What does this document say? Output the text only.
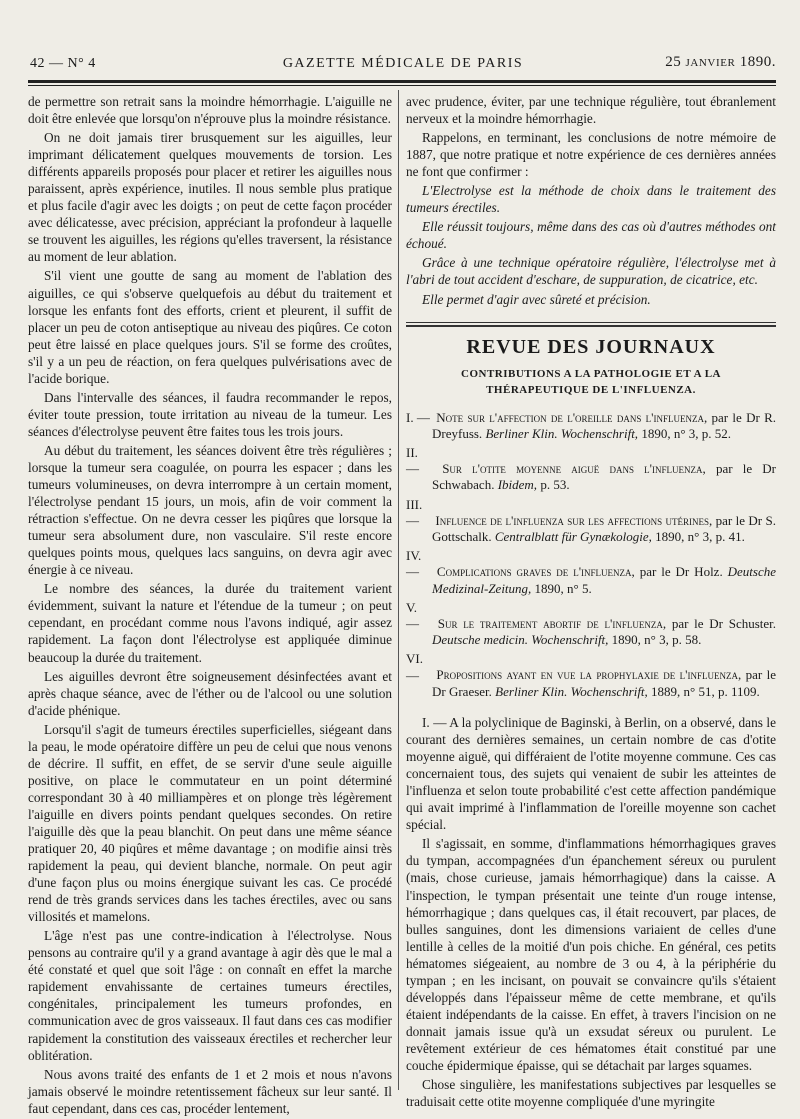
42 — N° 4	GAZETTE MÉDICALE DE PARIS	25 JANVIER 1890.

de permettre son retrait sans la moindre hémorrhagie. L'aiguille ne doit être enlevée que lorsqu'on n'éprouve plus la moindre résistance.

On ne doit jamais tirer brusquement sur les aiguilles, leur imprimant délicatement quelques mouvements de torsion. Les différents appareils proposés pour placer et retirer les aiguilles nous paraissent, après expérience, inutiles. Il nous semble plus pratique et plus facile d'agir avec les doigts ; on peut de cette façon procéder avec délicatesse, avec précision, appréciant la profondeur à laquelle se trouvent les aiguilles, les régions qu'elles traversent, la résistance au moment de leur ablation.

S'il vient une goutte de sang au moment de l'ablation des aiguilles, ce qui s'observe quelquefois au début du traitement et lorsque les enfants font des efforts, crient et pleurent, il suffit de placer un peu de coton antiseptique au niveau des piqûres. Ce coton peut être laissé en place quelques jours. S'il se forme des croûtes, s'il y a un peu de réaction, on fera quelques pulvérisations avec de l'acide borique.

Dans l'intervalle des séances, il faudra recommander le repos, éviter toute pression, toute irritation au niveau de la tumeur. Les séances d'électrolyse peuvent être faites tous les trois jours.

Au début du traitement, les séances doivent être très régulières ; lorsque la tumeur sera coagulée, on pourra les espacer ; dans les tumeurs volumineuses, on devra interrompre à un certain moment, l'électrolyse pendant 15 jours, un mois, afin de voir comment la rétraction s'effectue. On ne devra cesser les piqûres que lorsque la tumeur sera absolument dure, non vasculaire. S'il reste encore quelques points mous, quelques lacs sanguins, on devra agir avec énergie à ce niveau.

Le nombre des séances, la durée du traitement varient évidemment, suivant la nature et l'étendue de la tumeur ; on peut cependant, en procédant comme nous l'avons indiqué, agir assez rapidement. La façon dont l'électrolyse est appliquée diminue beaucoup la durée du traitement.

Les aiguilles devront être soigneusement désinfectées avant et après chaque séance, avec de l'éther ou de l'alcool ou une solution d'acide phénique.

Lorsqu'il s'agit de tumeurs érectiles superficielles, siégeant dans la peau, le mode opératoire diffère un peu de celui que nous venons de décrire. Il suffit, en effet, de se servir d'une seule aiguille positive, on place le commutateur en un point déterminé correspondant 30 à 40 milliampères et on plonge très légèrement l'aiguille en divers points pendant quelques secondes. On retire l'aiguille dès que la peau blanchit. On peut dans une même séance pratiquer 20, 40 piqûres et même davantage ; on modifie ainsi très rapidement la peau, qui devient blanche, normale. On peut agir d'une façon plus ou moins énergique suivant les cas. Ce procédé rend de très grands services dans les taches érectiles, avec ou sans villosités et mamelons.

L'âge n'est pas une contre-indication à l'électrolyse. Nous pensons au contraire qu'il y a grand avantage à agir dès que le mal a été constaté et quel que soit l'âge : on connaît en effet la marche rapidement envahissante de certaines tumeurs érectiles, congénitales, principalement les tumeurs profondes, en communication avec de gros vaisseaux. Il faut dans ces cas modifier rapidement la constitution des vaisseaux érectiles et rechercher leur oblitération.

Nous avons traité des enfants de 1 et 2 mois et nous n'avons jamais observé le moindre retentissement fâcheux sur leur santé. Il faut cependant, dans ces cas, procéder lentement,

avec prudence, éviter, par une technique régulière, tout ébranlement nerveux et la moindre hémorrhagie.

Rappelons, en terminant, les conclusions de notre mémoire de 1887, que notre pratique et notre expérience de ces dernières années ne font que confirmer :

L'Electrolyse est la méthode de choix dans le traitement des tumeurs érectiles.

Elle réussit toujours, même dans des cas où d'autres méthodes ont échoué.

Grâce à une technique opératoire régulière, l'électrolyse met à l'abri de tout accident d'eschare, de suppuration, de cicatrice, etc.

Elle permet d'agir avec sûreté et précision.

REVUE DES JOURNAUX
CONTRIBUTIONS A LA PATHOLOGIE ET A LA THÉRAPEUTIQUE DE L'INFLUENZA.
I. — Note sur l'affection de l'oreille dans l'influenza, par le Dr R. Dreyfuss. Berliner Klin. Wochenschrift, 1890, n° 3, p. 52.
II. — Sur l'otite moyenne aiguë dans l'influenza, par le Dr Schwabach. Ibidem, p. 53.
III. — Influence de l'influenza sur les affections utérines, par le Dr S. Gottschalk. Centralblatt für Gynækologie, 1890, n° 3, p. 41.
IV. — Complications graves de l'influenza, par le Dr Holz. Deutsche Medizinal-Zeitung, 1890, n° 5.
V. — Sur le traitement abortif de l'influenza, par le Dr Schuster. Deutsche medicin. Wochenschrift, 1890, n° 3, p. 58.
VI. — Propositions ayant en vue la prophylaxie de l'influenza, par le Dr Graeser. Berliner Klin. Wochenschrift, 1889, n° 51, p. 1109.

I. — A la polyclinique de Baginski, à Berlin, on a observé, dans le courant des dernières semaines, un certain nombre de cas d'otite moyenne aiguë, qui différaient de l'otite moyenne commune. Ces cas concernaient tous, des sujets qui venaient de subir les atteintes de l'influenza et selon toute probabilité c'est cette affection pandémique qui avait imprimé à l'inflammation de l'oreille moyenne son cachet spécial.

Il s'agissait, en somme, d'inflammations hémorrhagiques graves du tympan, accompagnées d'un épanchement séreux ou purulent (mais, chose curieuse, jamais hémorrhagique) dans la caisse. A l'inspection, le tympan présentait une teinte d'un rouge intense, hémorrhagique ; dans quelques cas, il était recouvert, par places, de bulles sanguines, dont les dimensions variaient de celles d'une lentille à celles de la moitié d'un pois chiche. En général, ces petits hématomes siégeaient, au nombre de 3 ou 4, à la périphérie du tympan ; en les incisant, on pouvait se convaincre qu'ils s'étaient développés dans l'épaisseur même de cette membrane, et qu'ils étaient indépendants de la caisse. En effet, à travers l'incision on ne donnait jamais issue qu'à un exsudat séreux ou purulent. Le revêtement extérieur de ces hématomes était constitué par une couche épidermique épaisse, qui se détachait par larges squames.

Chose singulière, les manifestations subjectives par lesquelles se traduisait cette otite moyenne compliquée d'une myringite
